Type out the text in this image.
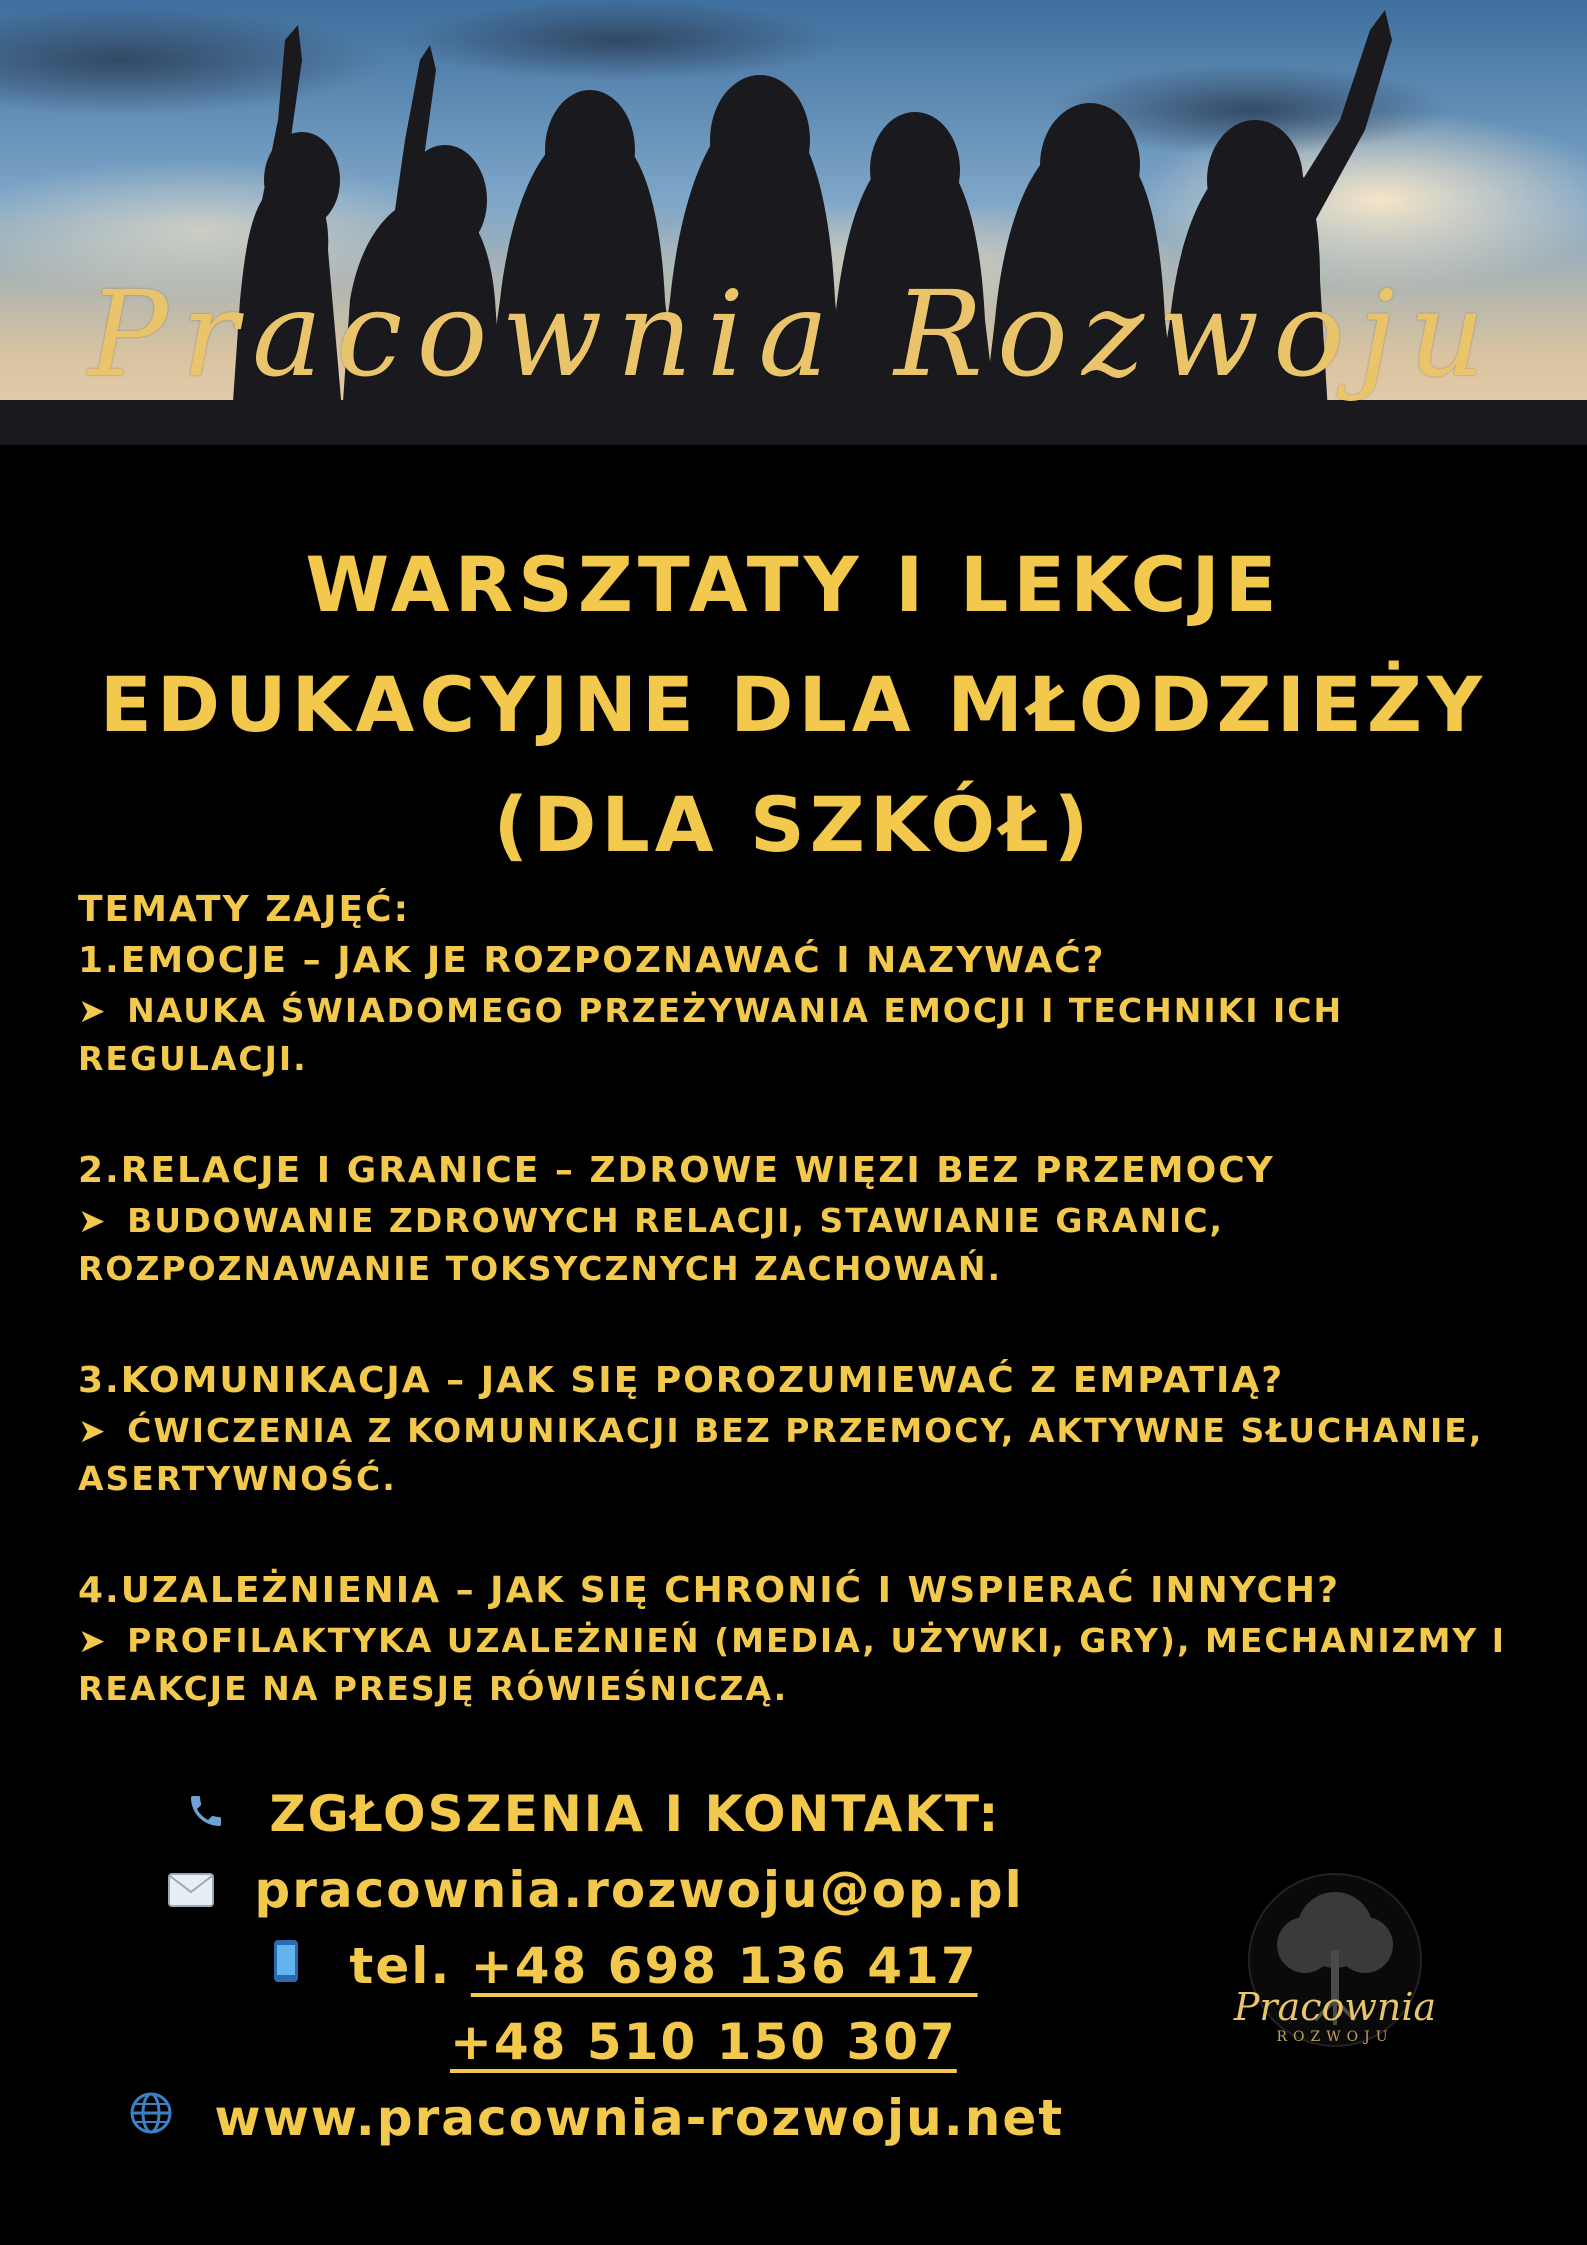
Pracownia Rozwoju
WARSZTATY I LEKCJE
EDUKACYJNE DLA MŁODZIEŻY
(DLA SZKÓŁ)
TEMATY ZAJĘĆ:
1.EMOCJE – JAK JE ROZPOZNAWAĆ I NAZYWAĆ?
➤ NAUKA ŚWIADOMEGO PRZEŻYWANIA EMOCJI I TECHNIKI ICH REGULACJI.
2.RELACJE I GRANICE – ZDROWE WIĘZI BEZ PRZEMOCY
➤ BUDOWANIE ZDROWYCH RELACJI, STAWIANIE GRANIC, ROZPOZNAWANIE TOKSYCZNYCH ZACHOWAŃ.
3.KOMUNIKACJA – JAK SIĘ POROZUMIEWAĆ Z EMPATIĄ?
➤ ĆWICZENIA Z KOMUNIKACJI BEZ PRZEMOCY, AKTYWNE SŁUCHANIE, ASERTYWNOŚĆ.
4.UZALEŻNIENIA – JAK SIĘ CHRONIĆ I WSPIERAĆ INNYCH?
➤ PROFILAKTYKA UZALEŻNIEŃ (MEDIA, UŻYWKI, GRY), MECHANIZMY I REAKCJE NA PRESJĘ RÓWIEŚNICZĄ.
ZGŁOSZENIA I KONTAKT:
pracownia.rozwoju@op.pl
tel. +48 698 136 417
+48 510 150 307
www.pracownia-rozwoju.net
Pracownia
ROZWOJU
